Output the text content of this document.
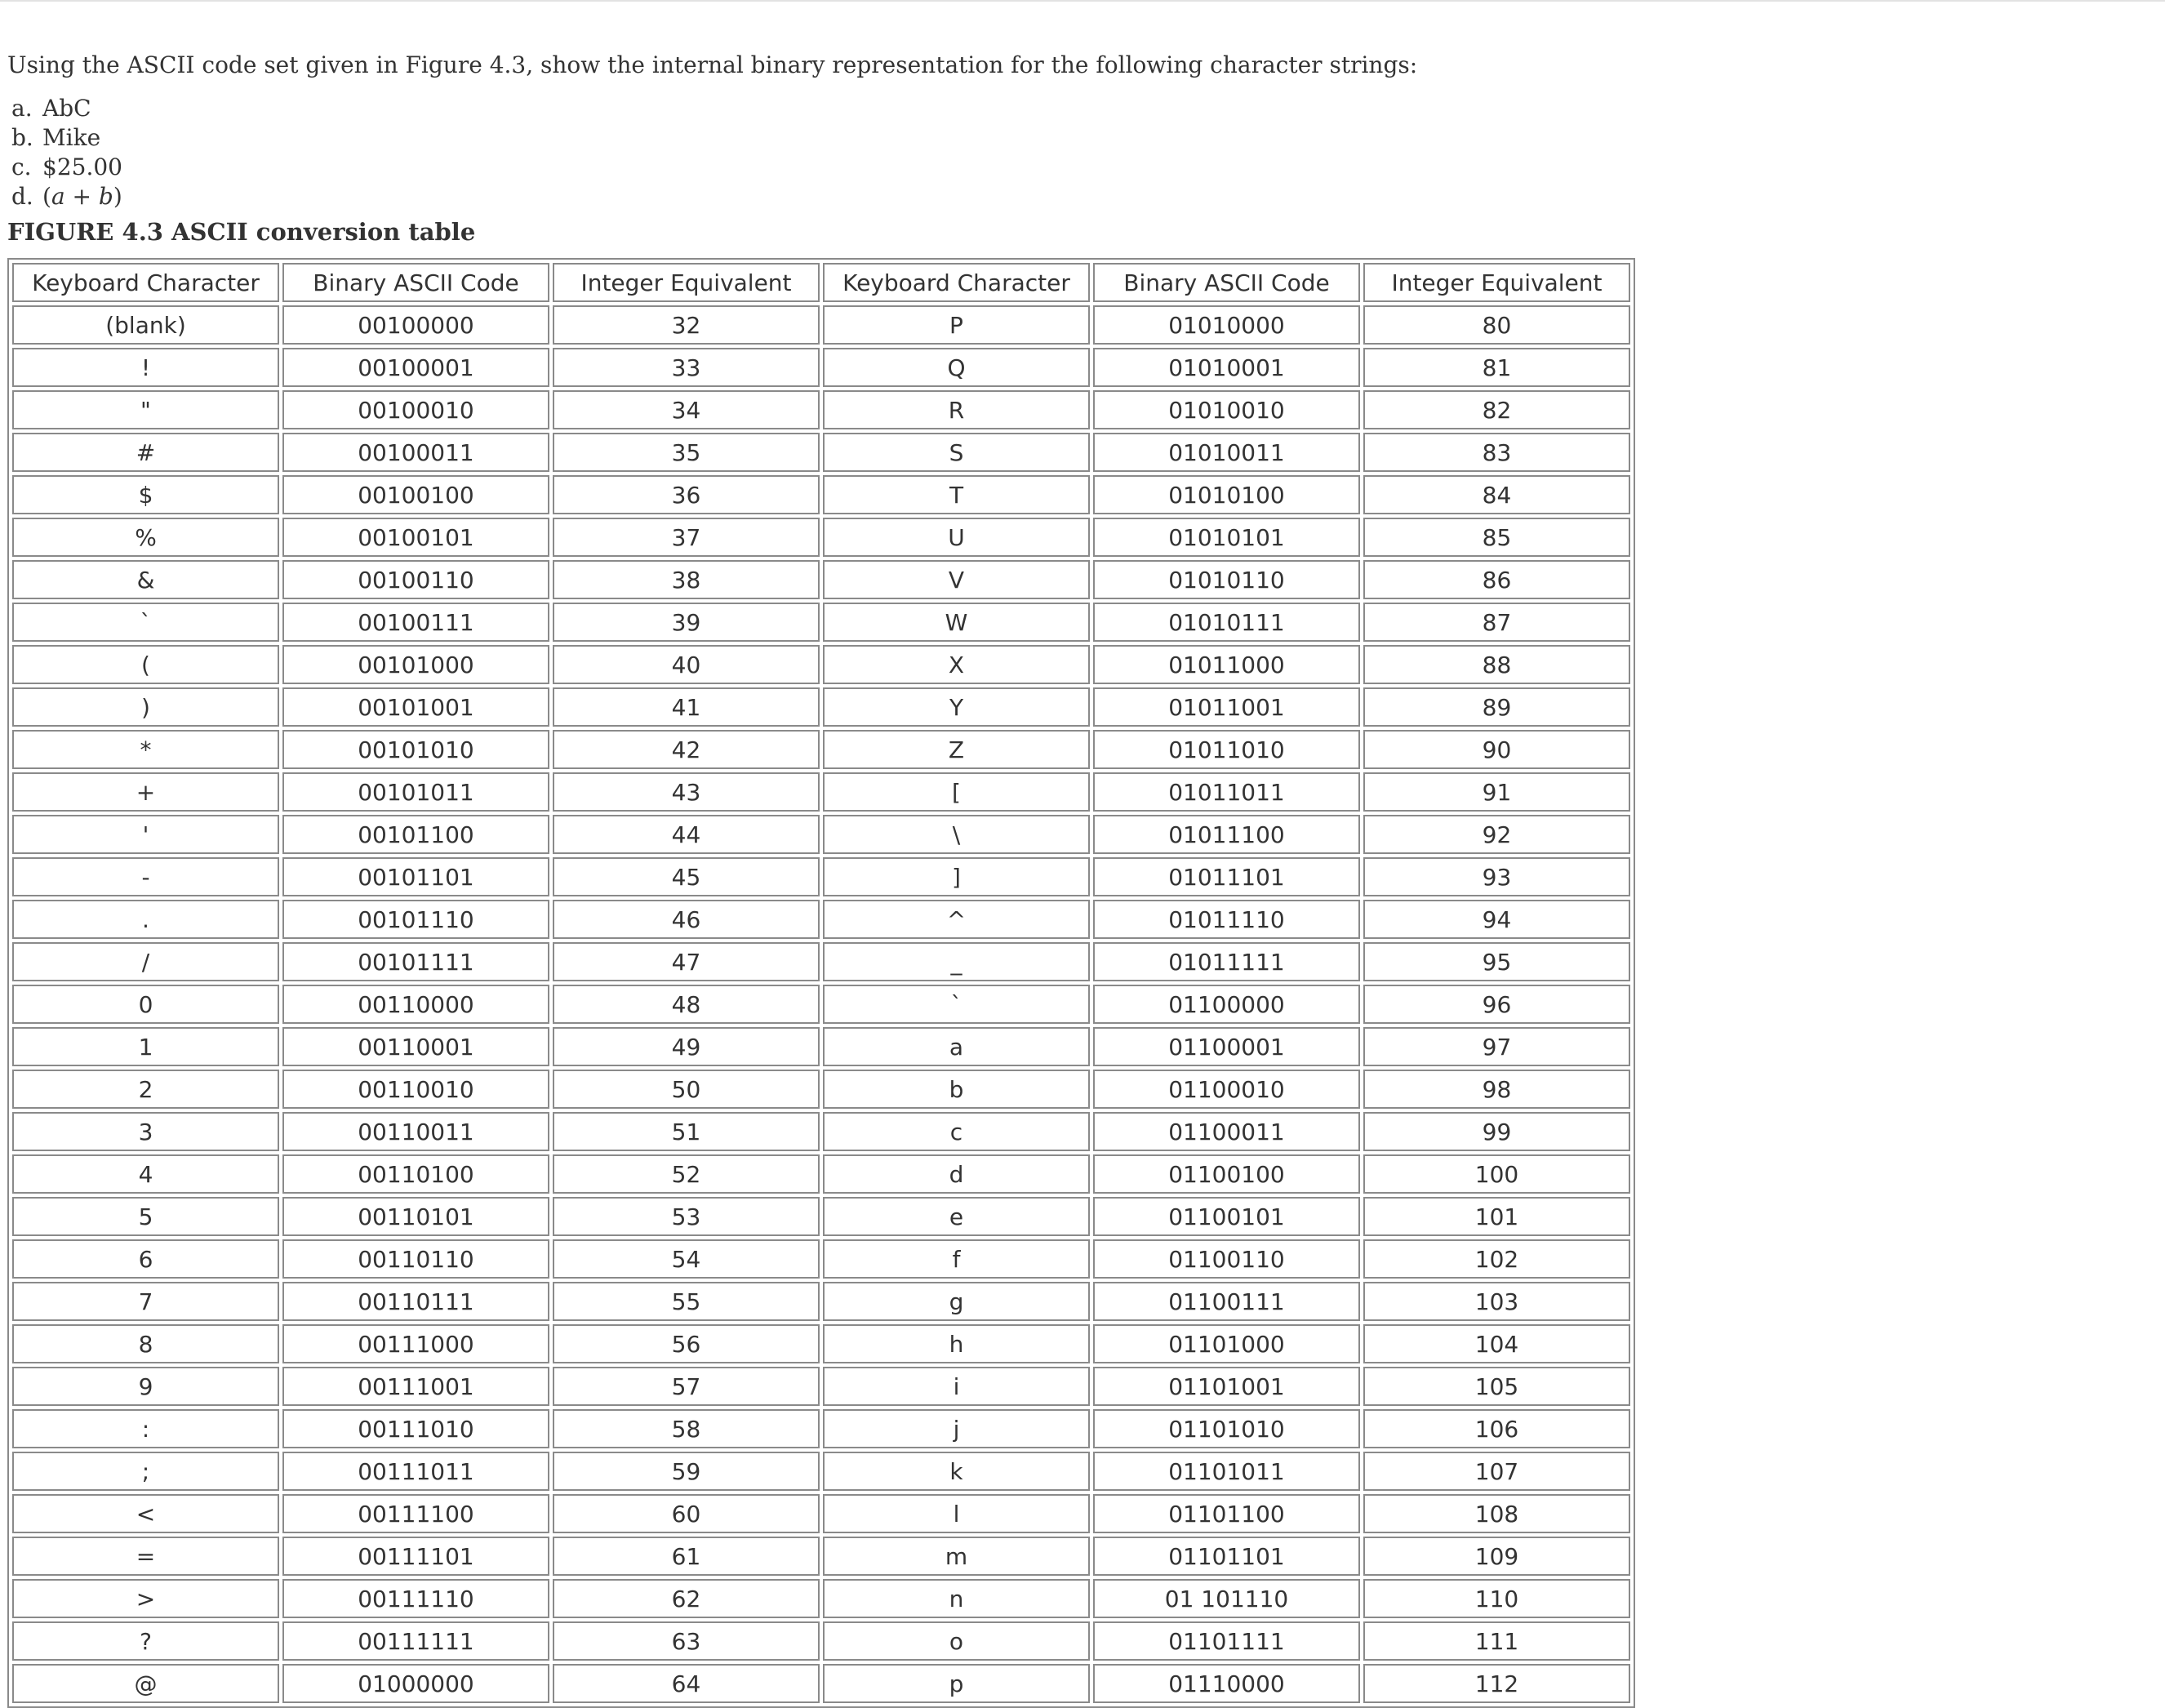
Using the ASCII code set given in Figure 4.3, show the internal binary representation for the following character strings:

a. AbC
b. Mike
c. $25.00
d. (a + b)
FIGURE 4.3 ASCII conversion table
Keyboard Character	Binary ASCII Code	Integer Equivalent	Keyboard Character	Binary ASCII Code	Integer Equivalent
(blank)	00100000	32	P	01010000	80
!	00100001	33	Q	01010001	81
"	00100010	34	R	01010010	82
#	00100011	35	S	01010011	83
$	00100100	36	T	01010100	84
%	00100101	37	U	01010101	85
&	00100110	38	V	01010110	86
`	00100111	39	W	01010111	87
(	00101000	40	X	01011000	88
)	00101001	41	Y	01011001	89
*	00101010	42	Z	01011010	90
+	00101011	43	[	01011011	91
'	00101100	44	\	01011100	92
-	00101101	45	]	01011101	93
.	00101110	46	^	01011110	94
/	00101111	47	_	01011111	95
0	00110000	48	`	01100000	96
1	00110001	49	a	01100001	97
2	00110010	50	b	01100010	98
3	00110011	51	c	01100011	99
4	00110100	52	d	01100100	100
5	00110101	53	e	01100101	101
6	00110110	54	f	01100110	102
7	00110111	55	g	01100111	103
8	00111000	56	h	01101000	104
9	00111001	57	i	01101001	105
:	00111010	58	j	01101010	106
;	00111011	59	k	01101011	107
<	00111100	60	l	01101100	108
=	00111101	61	m	01101101	109
>	00111110	62	n	01 101110	110
?	00111111	63	o	01101111	111
@	01000000	64	p	01110000	112
